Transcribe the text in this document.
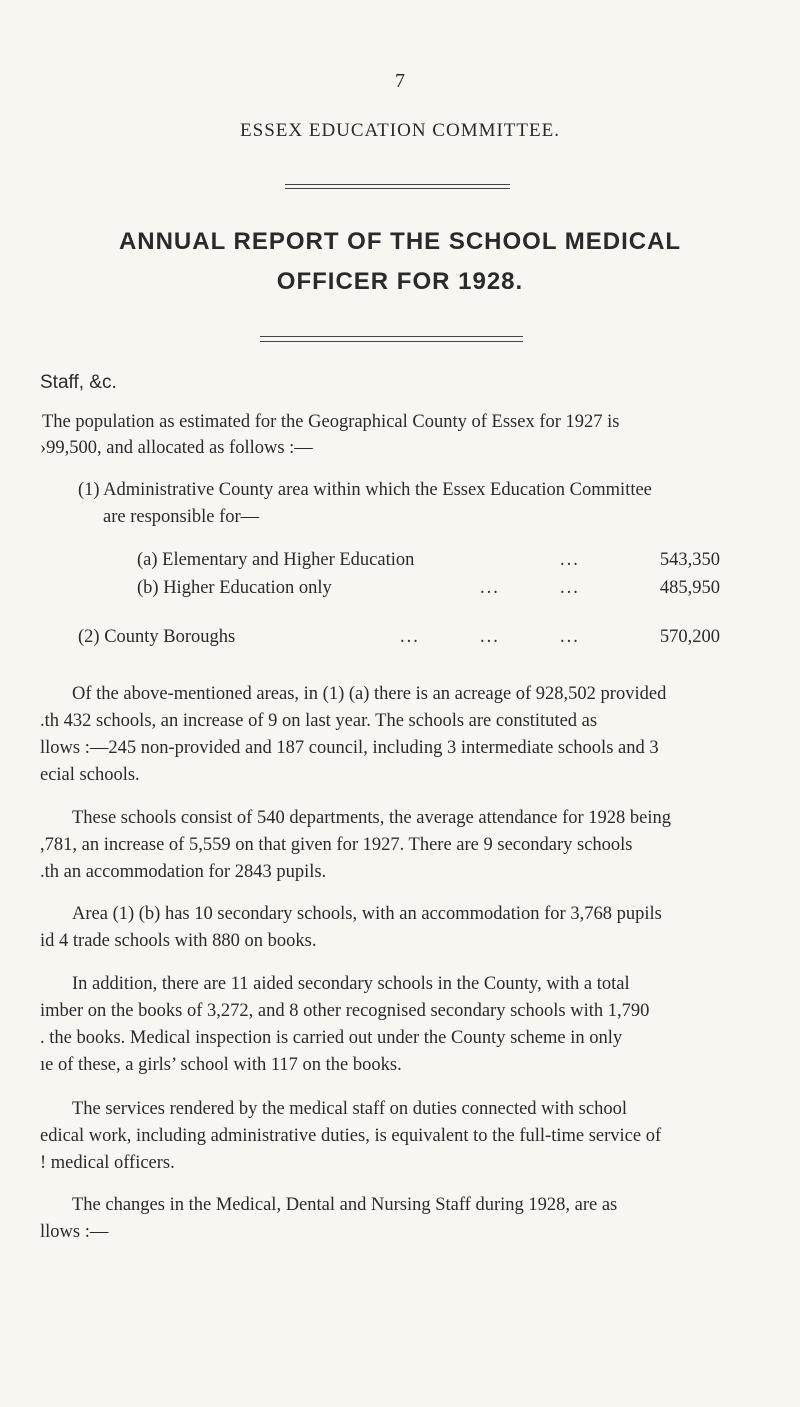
7
ESSEX EDUCATION COMMITTEE.
ANNUAL REPORT OF THE SCHOOL MEDICAL
OFFICER FOR 1928.
Staff, &c.
The population as estimated for the Geographical County of Essex for 1927 is
›99,500, and allocated as follows :—
(1) Administrative County area within which the Essex Education Committee
are responsible for—
(a) Elementary and Higher Education	...	543,350
(b) Higher Education only	...	...	485,950
(2) County Boroughs	...	...	...	570,200
Of the above-mentioned areas, in (1) (a) there is an acreage of 928,502 provided
.th 432 schools, an increase of 9 on last year. The schools are constituted as
llows :—245 non-provided and 187 council, including 3 intermediate schools and 3
ecial schools.
These schools consist of 540 departments, the average attendance for 1928 being
,781, an increase of 5,559 on that given for 1927. There are 9 secondary schools
.th an accommodation for 2843 pupils.
Area (1) (b) has 10 secondary schools, with an accommodation for 3,768 pupils
id 4 trade schools with 880 on books.
In addition, there are 11 aided secondary schools in the County, with a total
imber on the books of 3,272, and 8 other recognised secondary schools with 1,790
. the books. Medical inspection is carried out under the County scheme in only
ıe of these, a girls’ school with 117 on the books.
The services rendered by the medical staff on duties connected with school
edical work, including administrative duties, is equivalent to the full-time service of
! medical officers.
The changes in the Medical, Dental and Nursing Staff during 1928, are as
llows :—
